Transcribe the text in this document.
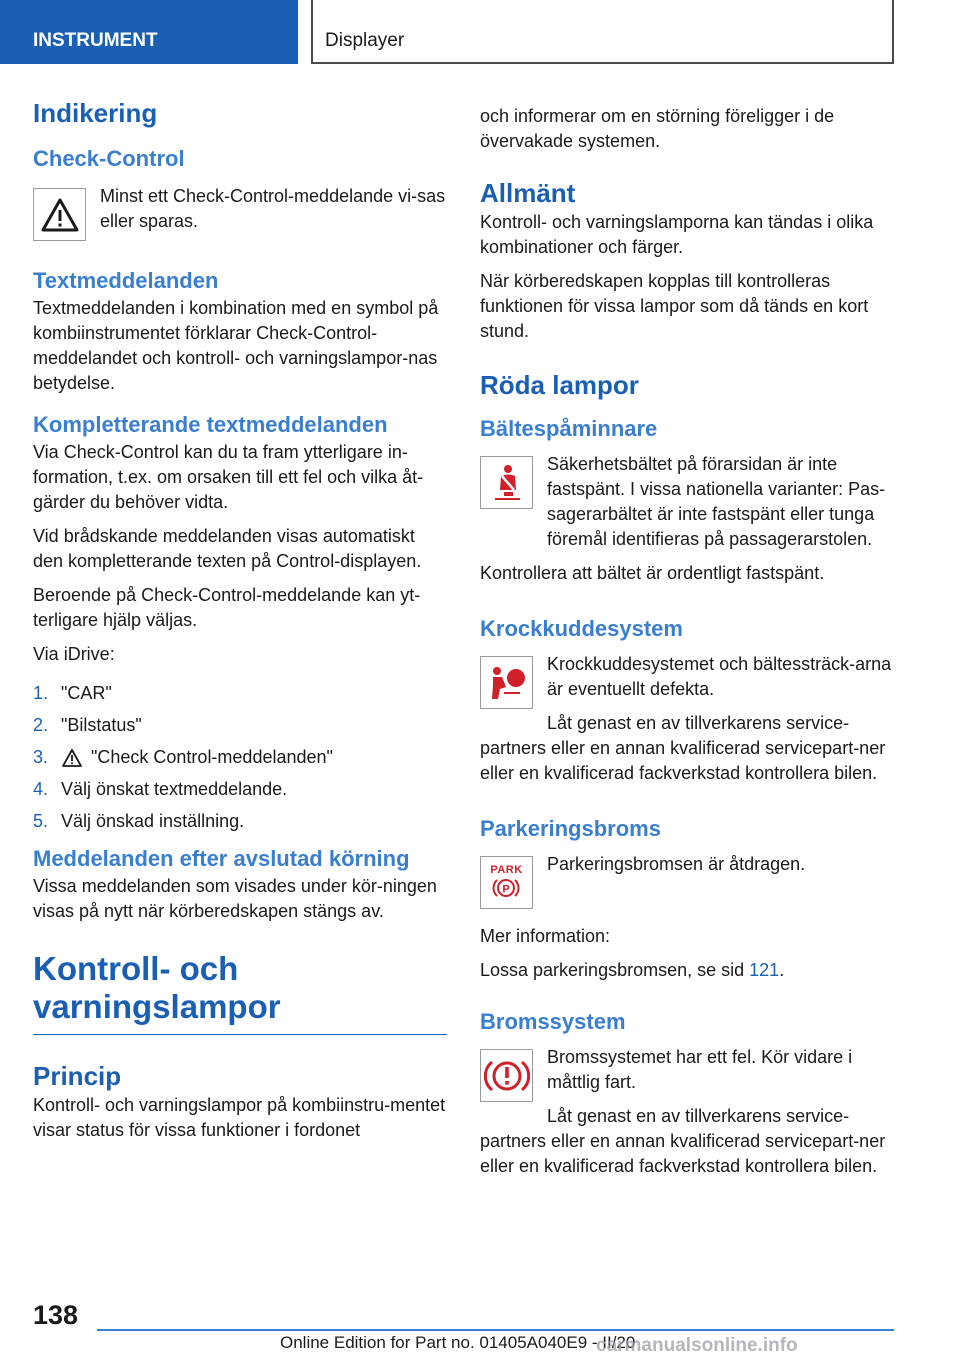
INSTRUMENT	Displayer
Indikering
Check-Control

Minst ett Check-Control-meddelande vi-sas eller sparas.

Textmeddelanden

Textmeddelanden i kombination med en symbol på kombiinstrumentet förklarar Check-Control-meddelandet och kontroll- och varningslampor-nas betydelse.

Kompletterande textmeddelanden

Via Check-Control kan du ta fram ytterligare in-formation, t.ex. om orsaken till ett fel och vilka åt-gärder du behöver vidta.

Vid brådskande meddelanden visas automatiskt den kompletterande texten på Control-displayen.

Beroende på Check-Control-meddelande kan yt-terligare hjälp väljas.

Via iDrive:

1. "CAR"
2. "Bilstatus"
3.	"Check Control-meddelanden"
4. Välj önskat textmeddelande.
5. Välj önskad inställning.
Meddelanden efter avslutad körning

Vissa meddelanden som visades under kör-ningen visas på nytt när körberedskapen stängs av.

Kontroll- och
varningslampor
Princip

Kontroll- och varningslampor på kombiinstru-mentet visar status för vissa funktioner i fordonet

och informerar om en störning föreligger i de övervakade systemen.

Allmänt

Kontroll- och varningslamporna kan tändas i olika kombinationer och färger.

När körberedskapen kopplas till kontrolleras funktionen för vissa lampor som då tänds en kort stund.

Röda lampor
Bältespåminnare

Säkerhetsbältet på förarsidan är inte fastspänt. I vissa nationella varianter: Pas-sagerarbältet är inte fastspänt eller tunga föremål identifieras på passagerarstolen.

Kontrollera att bältet är ordentligt fastspänt.

Krockkuddesystem

Krockkuddesystemet och bältessträck-arna är eventuellt defekta.

Låt genast en av tillverkarens service-partners eller en annan kvalificerad servicepart-ner eller en kvalificerad fackverkstad kontrollera bilen.

Parkeringsbroms
PARK
P

Parkeringsbromsen är åtdragen.

Mer information:

Lossa parkeringsbromsen, se sid 121.

Bromssystem

Bromssystemet har ett fel. Kör vidare i måttlig fart.

Låt genast en av tillverkarens service-partners eller en annan kvalificerad servicepart-ner eller en kvalificerad fackverkstad kontrollera bilen.

138
Online Edition for Part no. 01405A040E9 - II/20
carmanualsonline.info
